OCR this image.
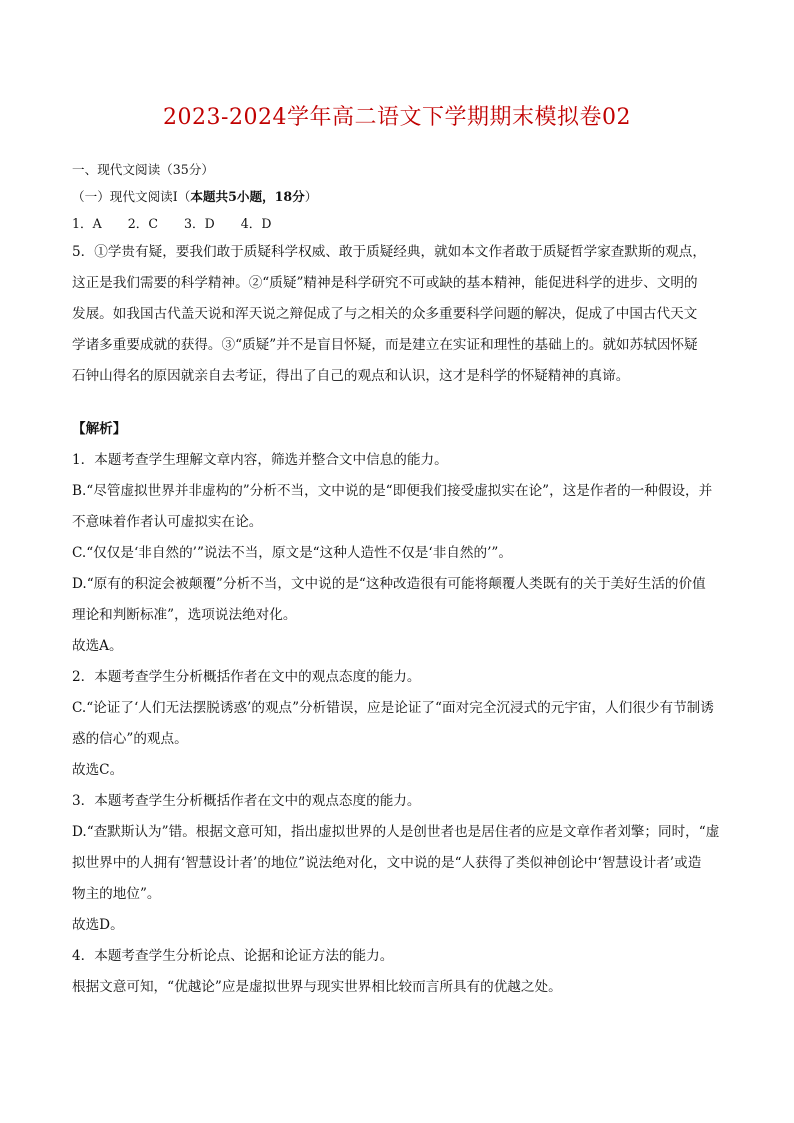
2023-2024学年高二语文下学期期末模拟卷02
一、现代文阅读（35分）
（一）现代文阅读Ⅰ（本题共5小题，18分）
1．A 2．C 3．D 4．D
5．①学贵有疑，要我们敢于质疑科学权威、敢于质疑经典，就如本文作者敢于质疑哲学家查默斯的观点，
这正是我们需要的科学精神。②“质疑”精神是科学研究不可或缺的基本精神，能促进科学的进步、文明的
发展。如我国古代盖天说和浑天说之辩促成了与之相关的众多重要科学问题的解决，促成了中国古代天文
学诸多重要成就的获得。③“质疑”并不是盲目怀疑，而是建立在实证和理性的基础上的。就如苏轼因怀疑
石钟山得名的原因就亲自去考证，得出了自己的观点和认识，这才是科学的怀疑精神的真谛。
【解析】
1．本题考查学生理解文章内容，筛选并整合文中信息的能力。
B.“尽管虚拟世界并非虚构的”分析不当，文中说的是“即便我们接受虚拟实在论”，这是作者的一种假设，并
不意味着作者认可虚拟实在论。
C.“仅仅是‘非自然的’”说法不当，原文是“这种人造性不仅是‘非自然的’”。
D.“原有的积淀会被颠覆”分析不当，文中说的是“这种改造很有可能将颠覆人类既有的关于美好生活的价值
理论和判断标准”，选项说法绝对化。
故选A。
2．本题考查学生分析概括作者在文中的观点态度的能力。
C.“论证了‘人们无法摆脱诱惑’的观点”分析错误，应是论证了“面对完全沉浸式的元宇宙，人们很少有节制诱
惑的信心”的观点。
故选C。
3．本题考查学生分析概括作者在文中的观点态度的能力。
D.“查默斯认为”错。根据文意可知，指出虚拟世界的人是创世者也是居住者的应是文章作者刘擎；同时，“虚
拟世界中的人拥有‘智慧设计者’的地位”说法绝对化，文中说的是“人获得了类似神创论中‘智慧设计者’或造
物主的地位”。
故选D。
4．本题考查学生分析论点、论据和论证方法的能力。
根据文意可知，“优越论”应是虚拟世界与现实世界相比较而言所具有的优越之处。
